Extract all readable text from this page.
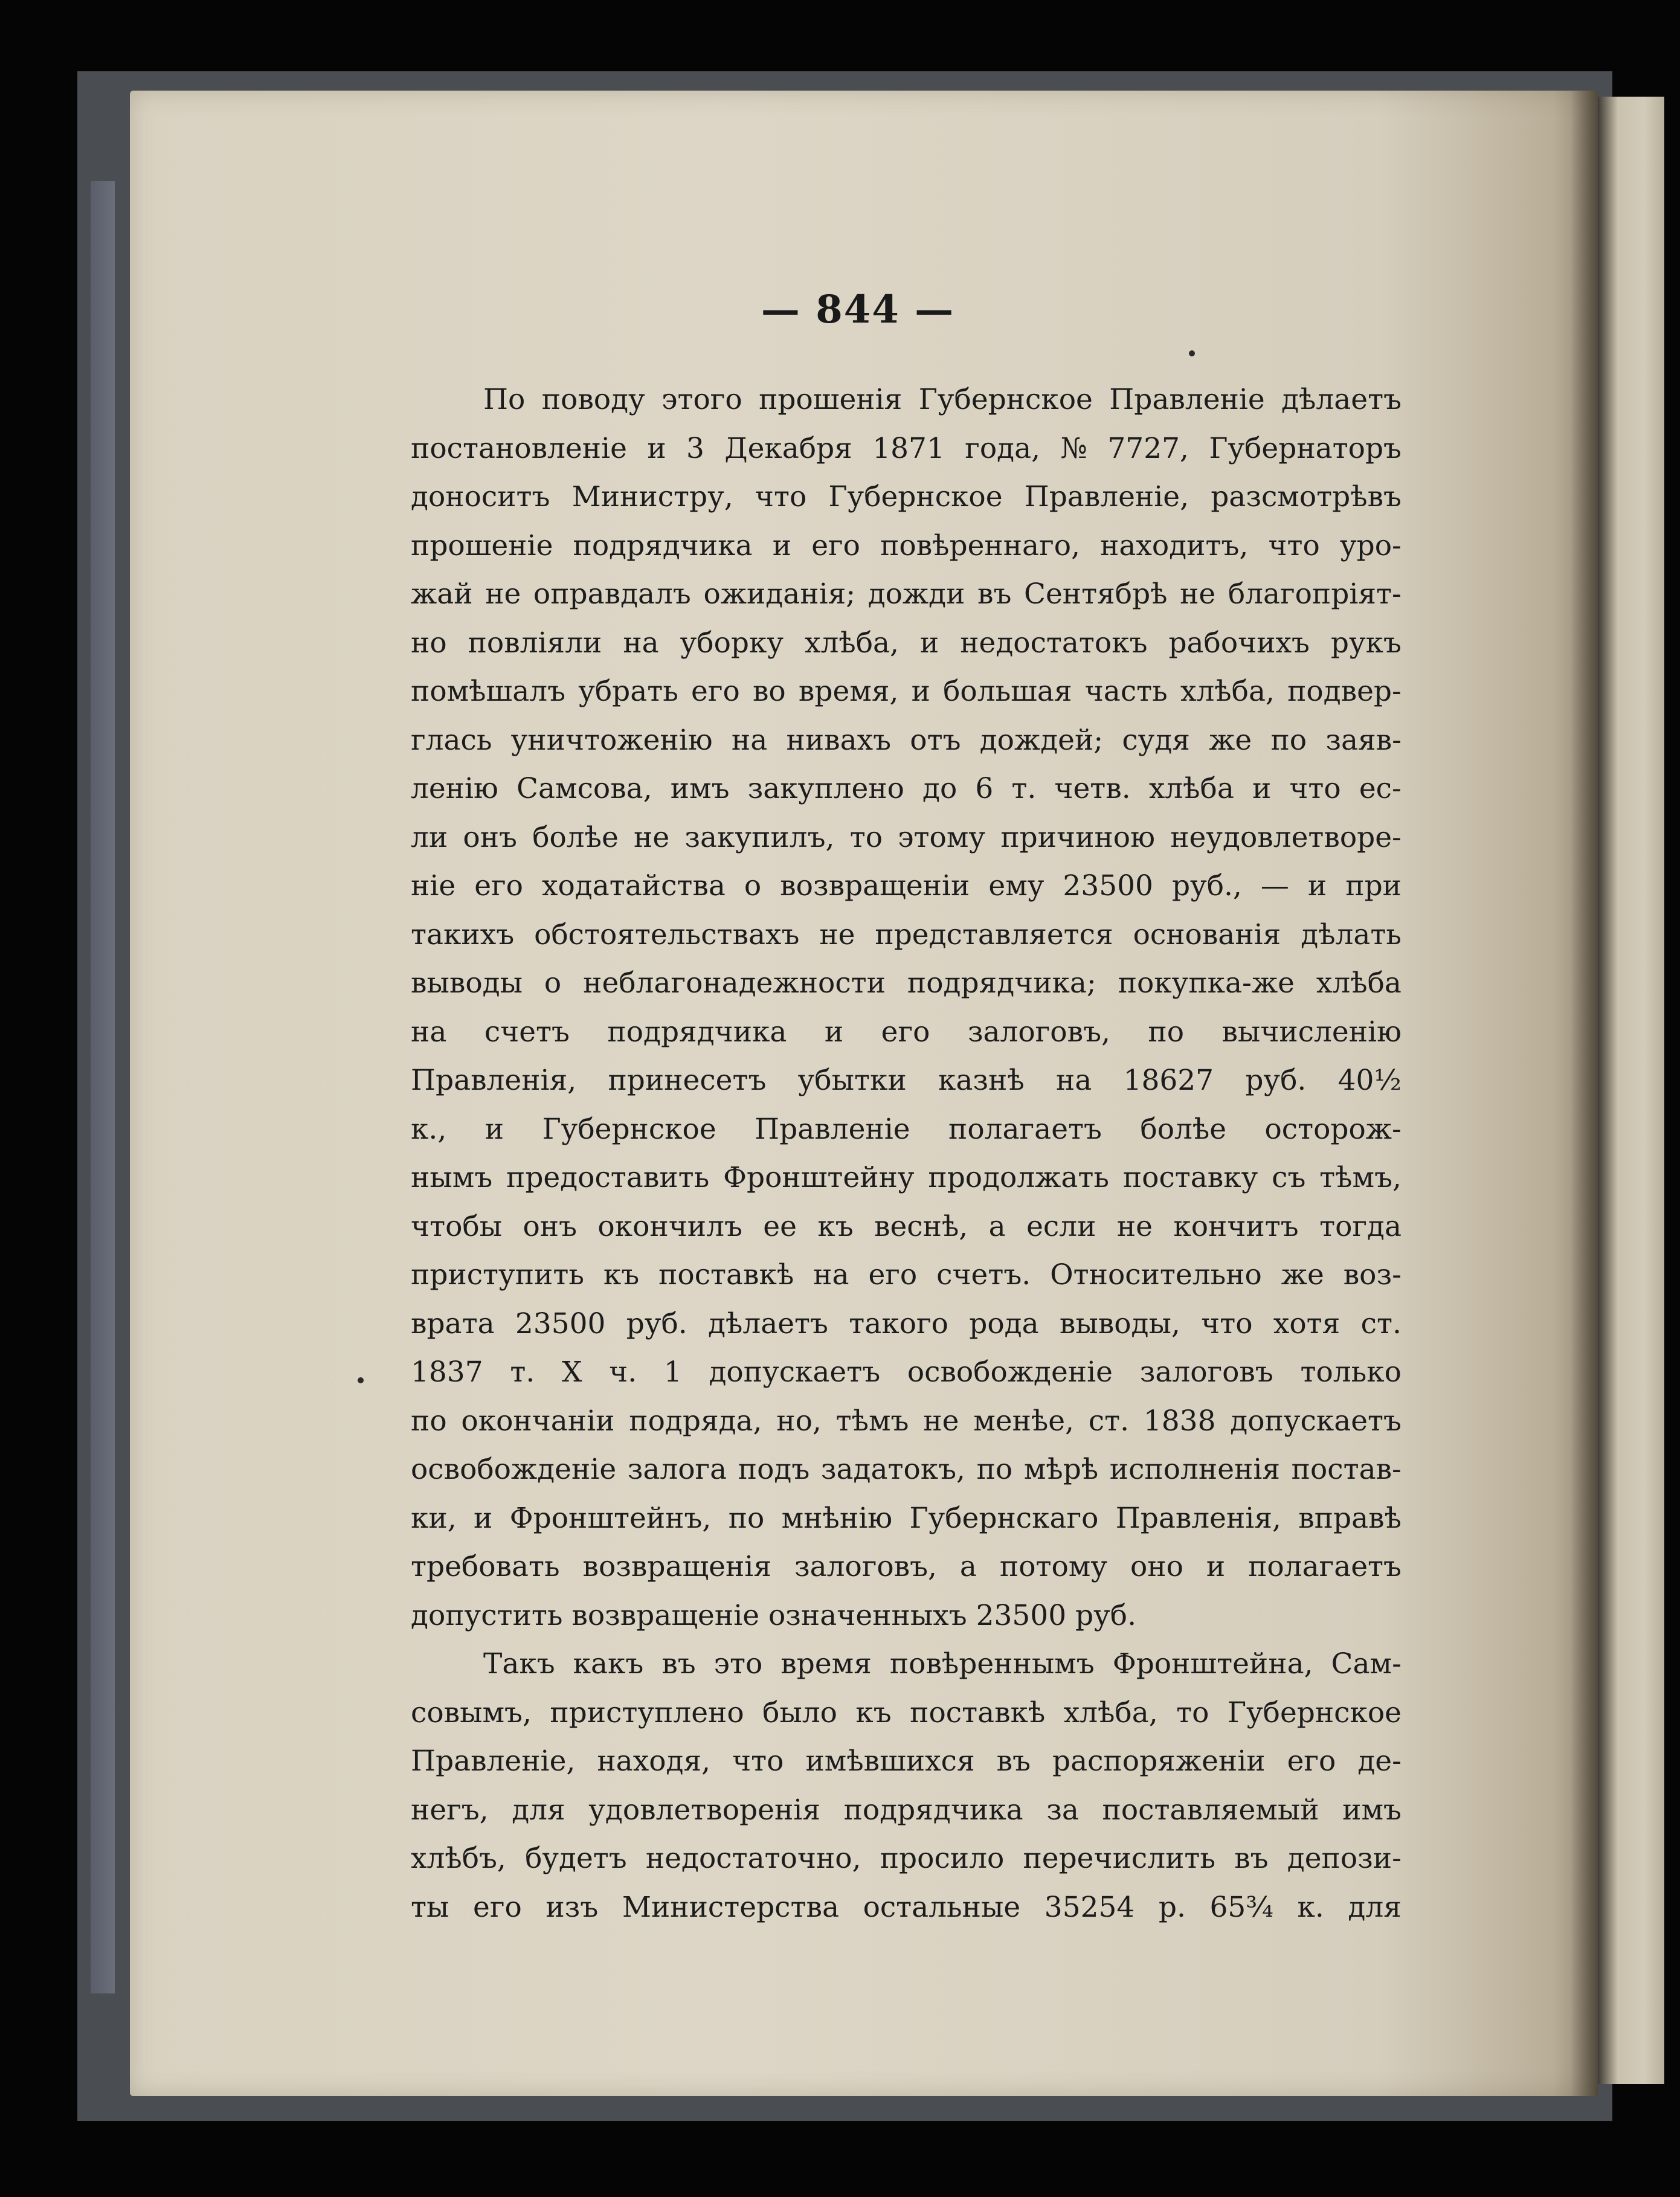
— 844 —
По поводу этого прошенія Губернское Правленіе дѣлаетъ
постановленіе и 3 Декабря 1871 года, № 7727, Губернаторъ
доноситъ Министру, что Губернское Правленіе, разсмотрѣвъ
прошеніе подрядчика и его повѣреннаго, находитъ, что уро-
жай не оправдалъ ожиданія; дожди въ Сентябрѣ не благопріят-
но повліяли на уборку хлѣба, и недостатокъ рабочихъ рукъ
помѣшалъ убрать его во время, и большая часть хлѣба, подвер-
глась уничтоженію на нивахъ отъ дождей; судя же по заяв-
ленію Самсова, имъ закуплено до 6 т. четв. хлѣба и что ес-
ли онъ болѣе не закупилъ, то этому причиною неудовлетворе-
ніе его ходатайства о возвращеніи ему 23500 руб., — и при
такихъ обстоятельствахъ не представляется основанія дѣлать
выводы о неблагонадежности подрядчика; покупка-же хлѣба
на счетъ подрядчика и его залоговъ, по вычисленію
Правленія, принесетъ убытки казнѣ на 18627 руб. 40½
к., и Губернское Правленіе полагаетъ болѣе осторож-
нымъ предоставить Фронштейну продолжать поставку съ тѣмъ,
чтобы онъ окончилъ ее къ веснѣ, а если не кончитъ тогда
приступить къ поставкѣ на его счетъ. Относительно же воз-
врата 23500 руб. дѣлаетъ такого рода выводы, что хотя ст.
1837 т. X ч. 1 допускаетъ освобожденіе залоговъ только
по окончаніи подряда, но, тѣмъ не менѣе, ст. 1838 допускаетъ
освобожденіе залога подъ задатокъ, по мѣрѣ исполненія постав-
ки, и Фронштейнъ, по мнѣнію Губернскаго Правленія, вправѣ
требовать возвращенія залоговъ, а потому оно и полагаетъ
допустить возвращеніе означенныхъ 23500 руб.
Такъ какъ въ это время повѣреннымъ Фронштейна, Сам-
совымъ, приступлено было къ поставкѣ хлѣба, то Губернское
Правленіе, находя, что имѣвшихся въ распоряженіи его де-
негъ, для удовлетворенія подрядчика за поставляемый имъ
хлѣбъ, будетъ недостаточно, просило перечислить въ депози-
ты его изъ Министерства остальные 35254 р. 65¾ к. для
